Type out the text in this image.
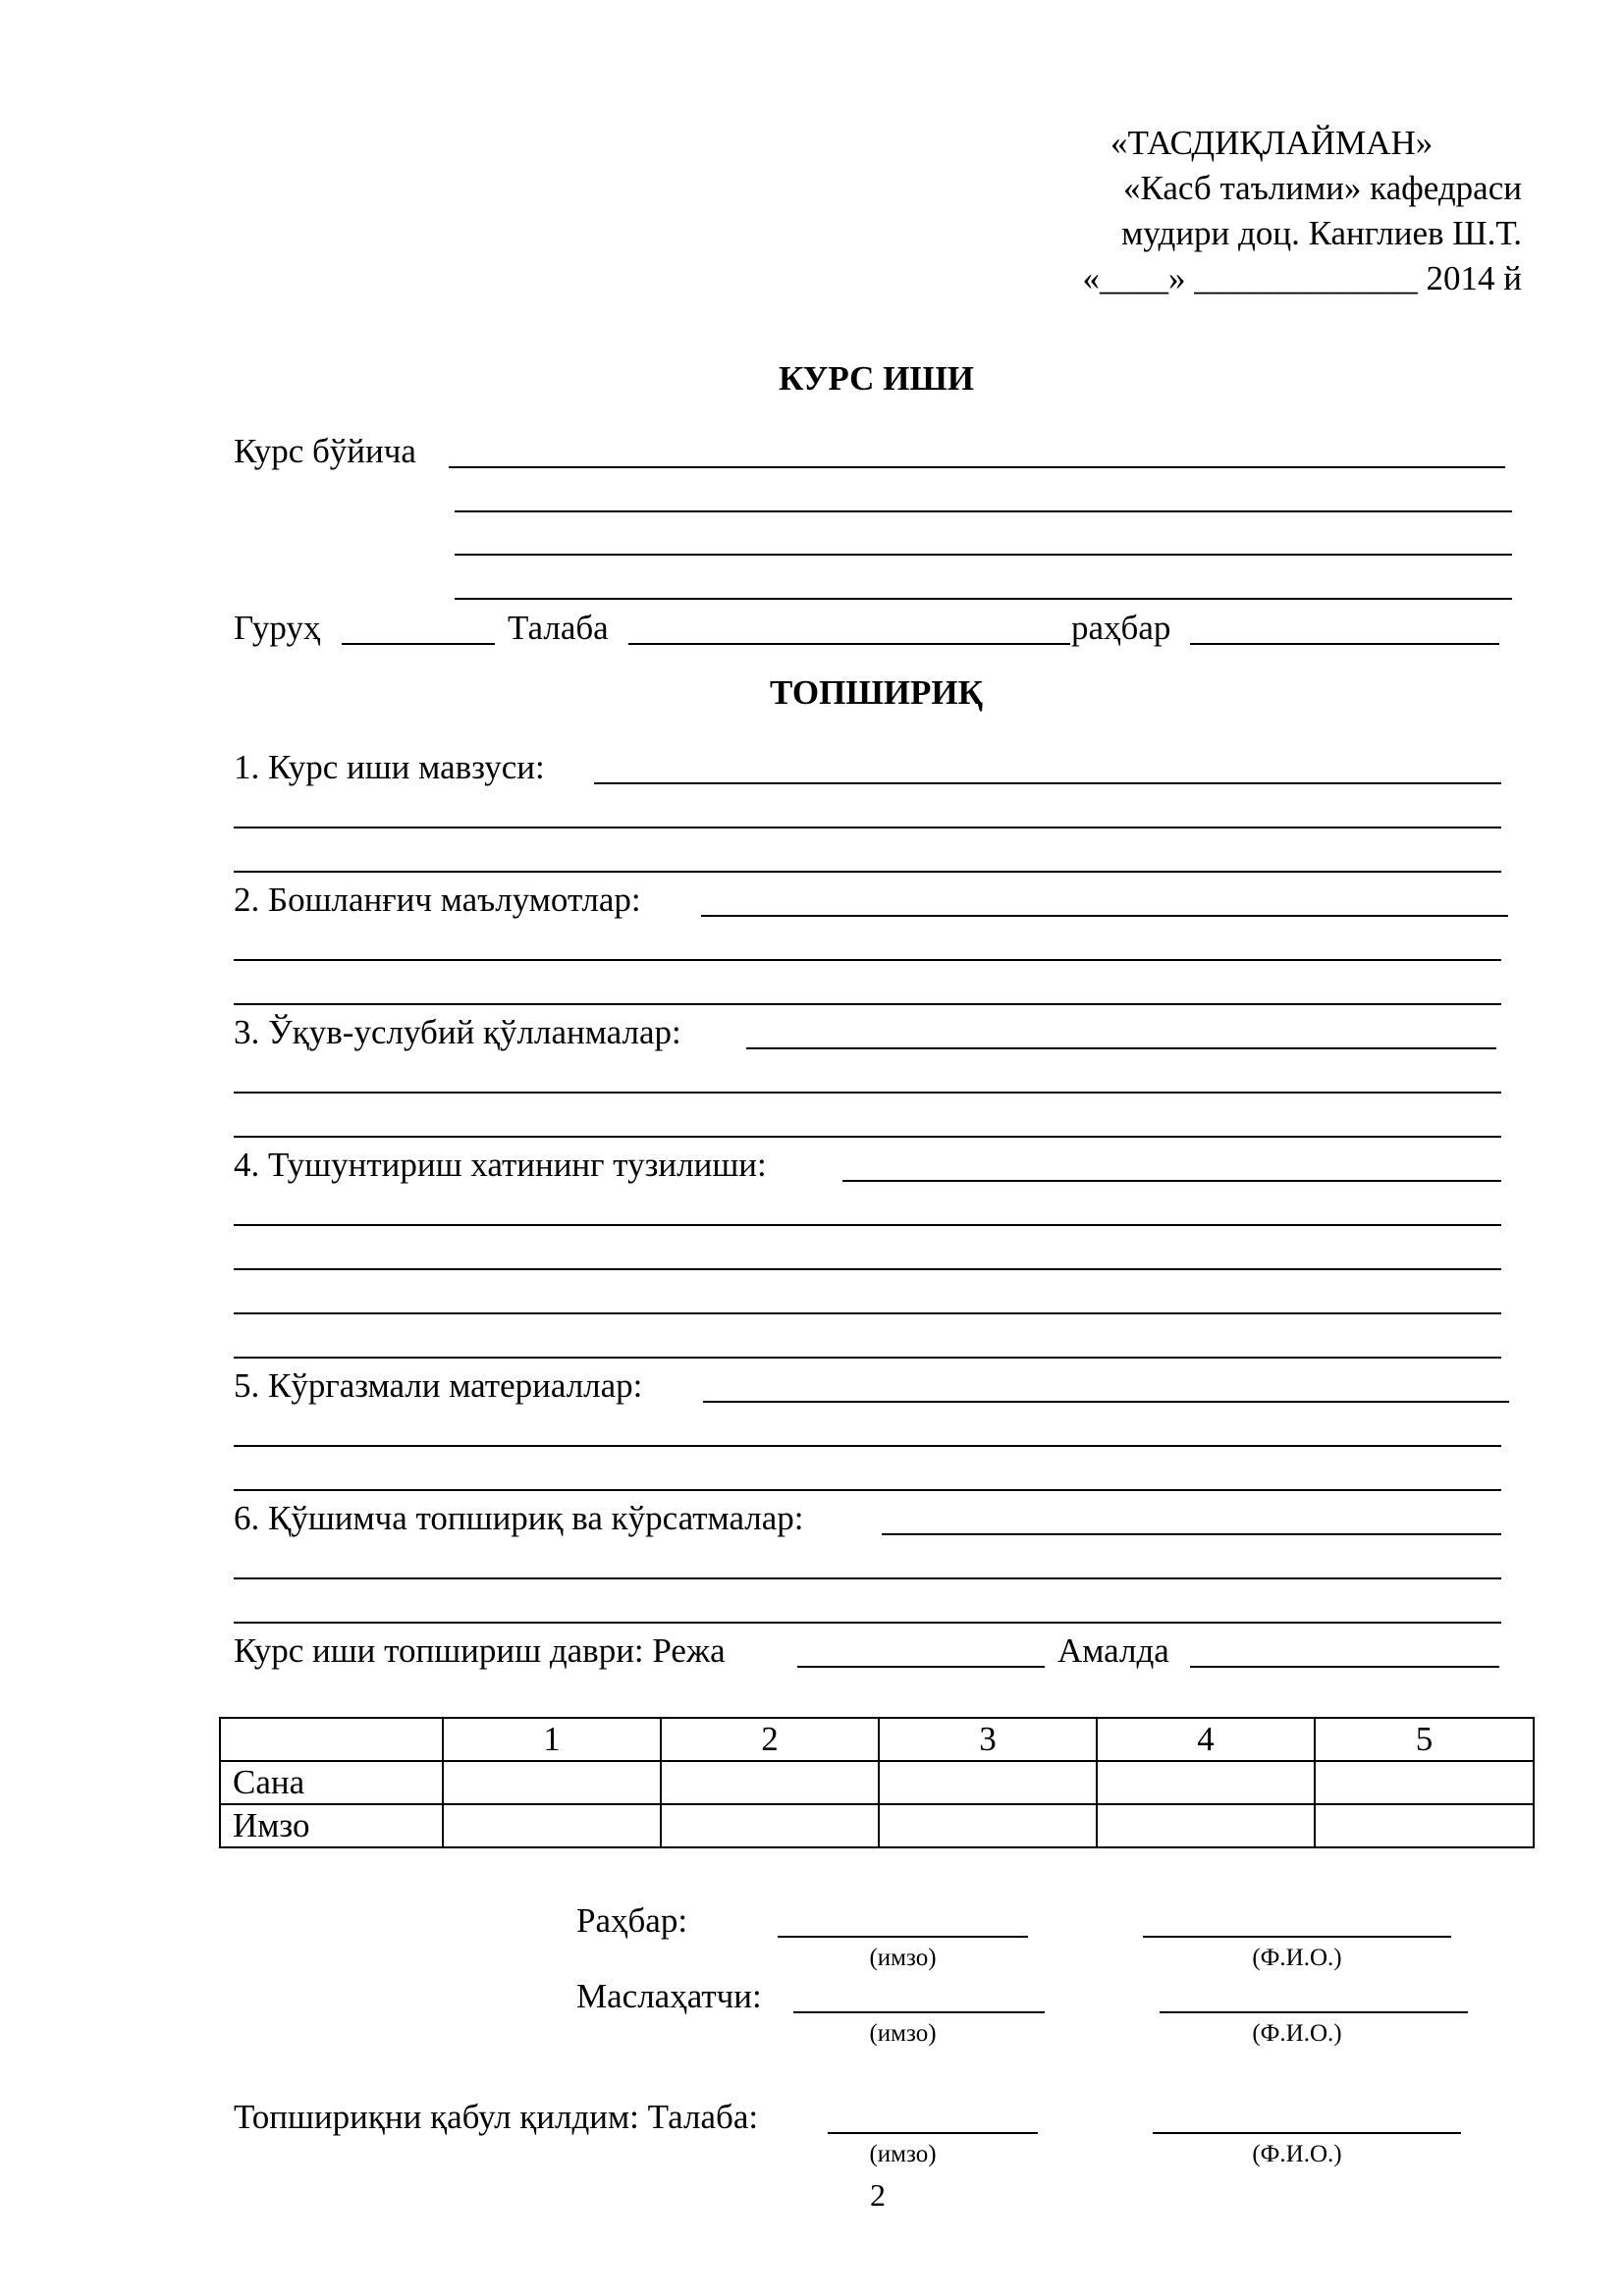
«ТАСДИҚЛАЙМАН»
«Касб таълими» кафедраси
мудири доц. Канглиев Ш.Т.
«____» _____________ 2014 й
КУРС ИШИ
Курс бўйича
Гуруҳ	Талаба	раҳбар
ТОПШИРИҚ
1. Курс иши мавзуси:
2. Бошланғич маълумотлар:
3. Ўқув-услубий қўлланмалар:
4. Тушунтириш хатининг тузилиши:
5. Кўргазмали материаллар:
6. Қўшимча топшириқ ва кўрсатмалар:
Курс иши топшириш даври: Режа	Амалда
	1	2	3	4	5
Сана					
Имзо					
Раҳбар:
(имзо)	(Ф.И.О.)
Маслаҳатчи:
(имзо)	(Ф.И.О.)
Топшириқни қабул қилдим: Талаба:
(имзо)	(Ф.И.О.)
2
